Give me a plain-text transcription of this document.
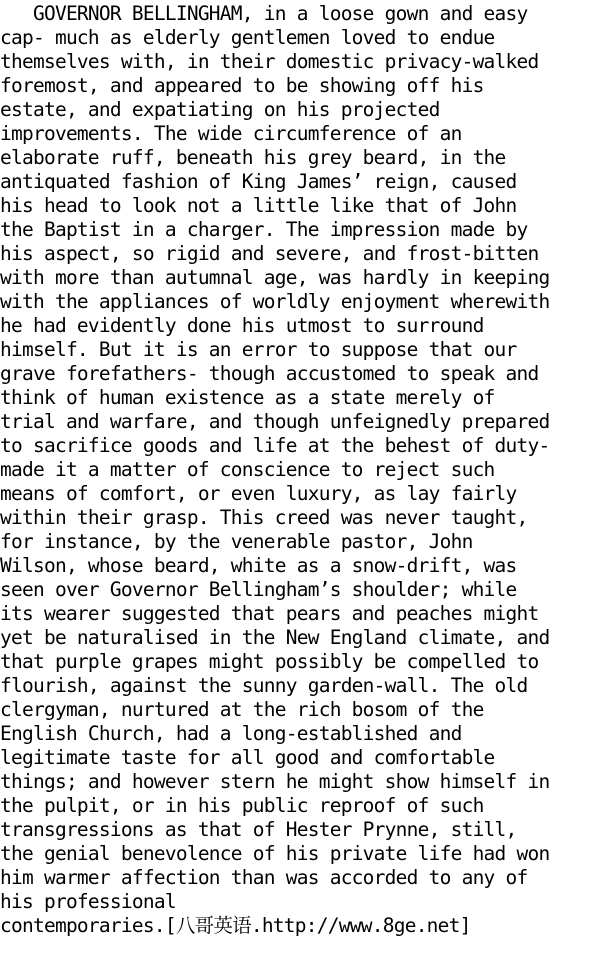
GOVERNOR BELLINGHAM, in a loose gown and easy
cap- much as elderly gentlemen loved to endue
themselves with, in their domestic privacy-walked
foremost, and appeared to be showing off his
estate, and expatiating on his projected
improvements. The wide circumference of an
elaborate ruff, beneath his grey beard, in the
antiquated fashion of King James’ reign, caused
his head to look not a little like that of John
the Baptist in a charger. The impression made by
his aspect, so rigid and severe, and frost-bitten
with more than autumnal age, was hardly in keeping
with the appliances of worldly enjoyment wherewith
he had evidently done his utmost to surround
himself. But it is an error to suppose that our
grave forefathers- though accustomed to speak and
think of human existence as a state merely of
trial and warfare, and though unfeignedly prepared
to sacrifice goods and life at the behest of duty-
made it a matter of conscience to reject such
means of comfort, or even luxury, as lay fairly
within their grasp. This creed was never taught,
for instance, by the venerable pastor, John
Wilson, whose beard, white as a snow-drift, was
seen over Governor Bellingham’s shoulder; while
its wearer suggested that pears and peaches might
yet be naturalised in the New England climate, and
that purple grapes might possibly be compelled to
flourish, against the sunny garden-wall. The old
clergyman, nurtured at the rich bosom of the
English Church, had a long-established and
legitimate taste for all good and comfortable
things; and however stern he might show himself in
the pulpit, or in his public reproof of such
transgressions as that of Hester Prynne, still,
the genial benevolence of his private life had won
him warmer affection than was accorded to any of
his professional
contemporaries.[八哥英语.http://www.8ge.net]
